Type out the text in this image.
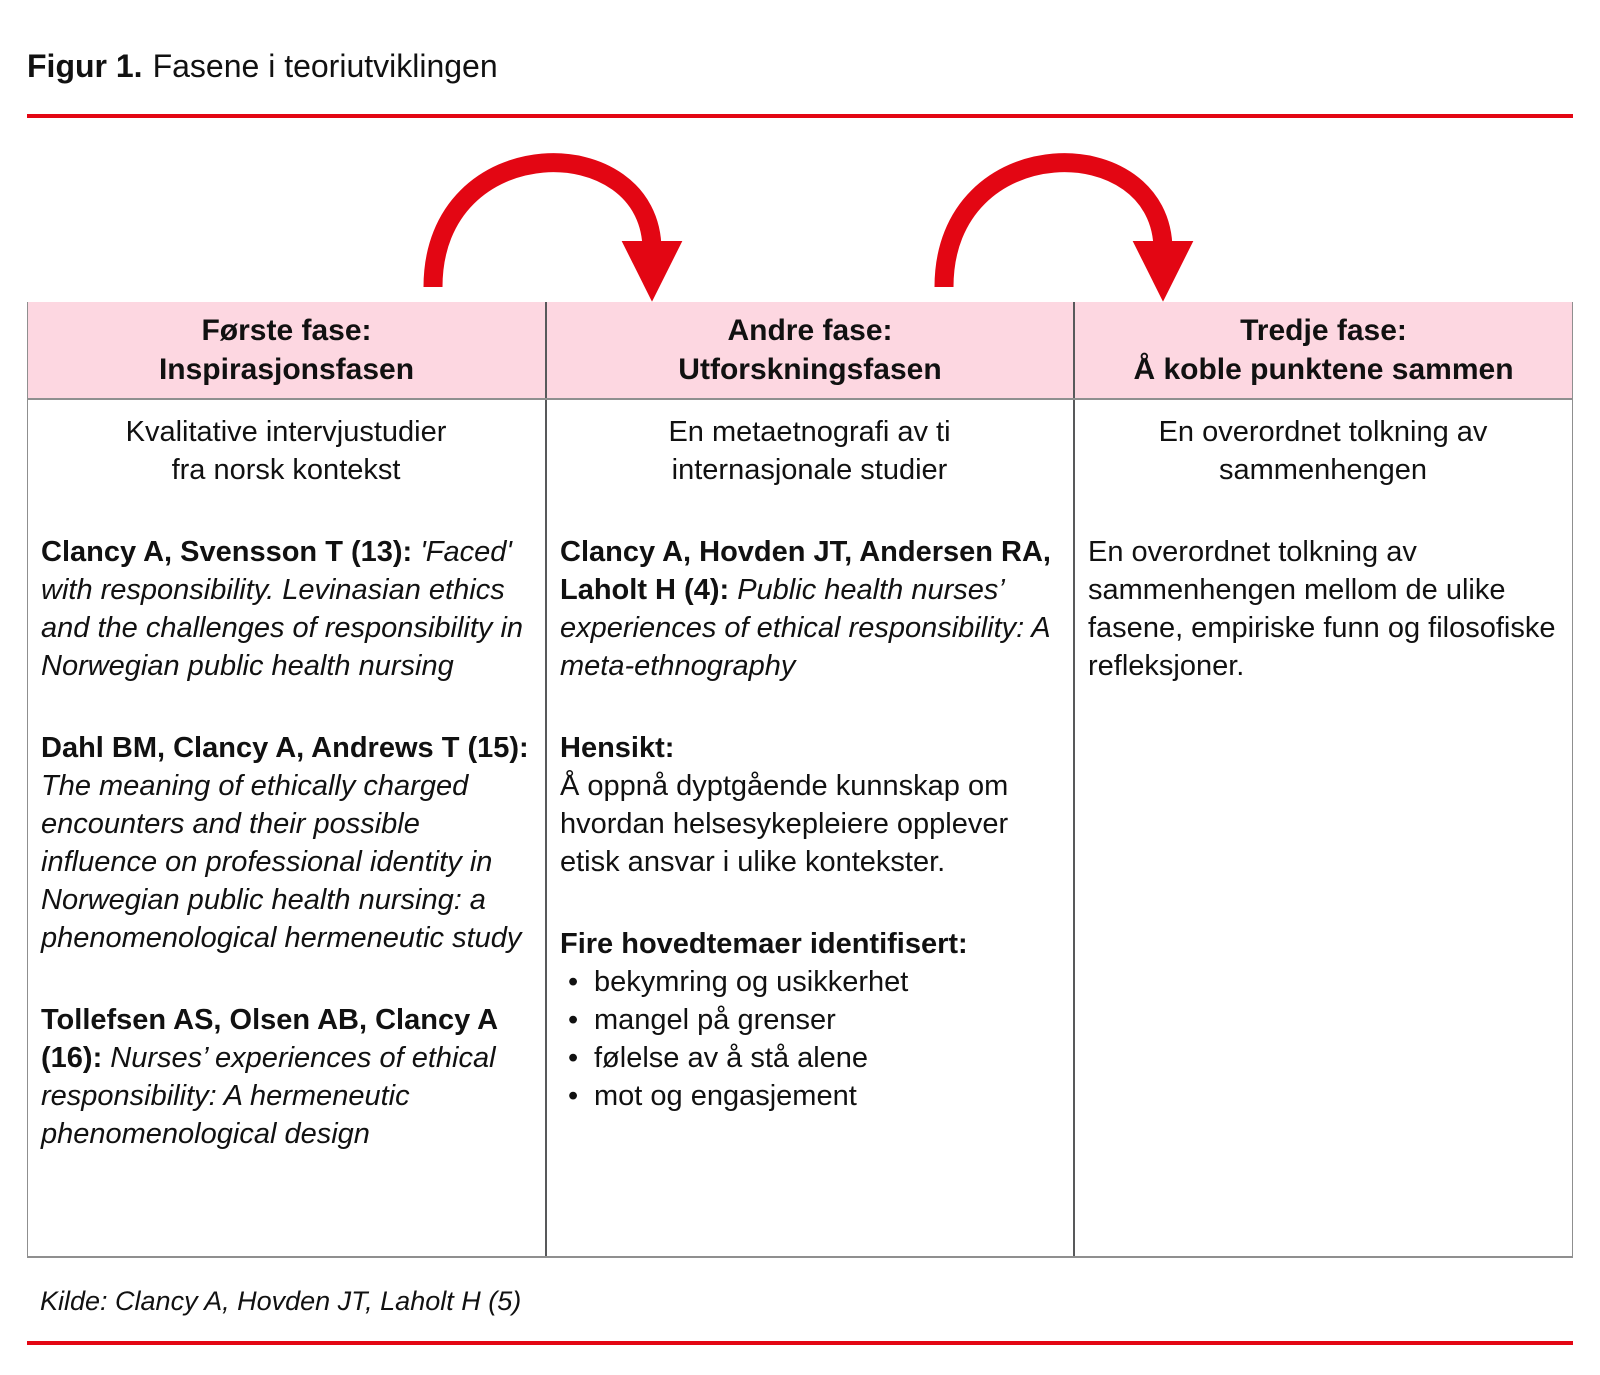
Figur 1. Fasene i teoriutviklingen
Første fase:
Inspirasjonsfasen
Andre fase:
Utforskningsfasen
Tredje fase:
Å koble punktene sammen
Kvalitative intervjustudier
fra norsk kontekst

Clancy A, Svensson T (13): 'Faced' with responsibility. Levinasian ethics and the challenges of responsibility in Norwegian public health nursing

Dahl BM, Clancy A, Andrews T (15): The meaning of ethically charged encounters and their possible influence on professional identity in Norwegian public health nursing: a phenomenological hermeneutic study

Tollefsen AS, Olsen AB, Clancy A (16): Nurses’ experiences of ethical responsibility: A hermeneutic phenomenological design

En metaetnografi av ti
internasjonale studier

Clancy A, Hovden JT, Andersen RA, Laholt H (4): Public health nurses’ experiences of ethical responsibility: A meta-ethnography

Hensikt:
Å oppnå dyptgående kunnskap om hvordan helsesykepleiere opplever etisk ansvar i ulike kontekster.
Fire hovedtemaer identifisert:
• bekymring og usikkerhet
• mangel på grenser
• følelse av å stå alene
• mot og engasjement
En overordnet tolkning av
sammenhengen

En overordnet tolkning av sammenhengen mellom de ulike fasene, empiriske funn og filosofiske refleksjoner.

Kilde: Clancy A, Hovden JT, Laholt H (5)
